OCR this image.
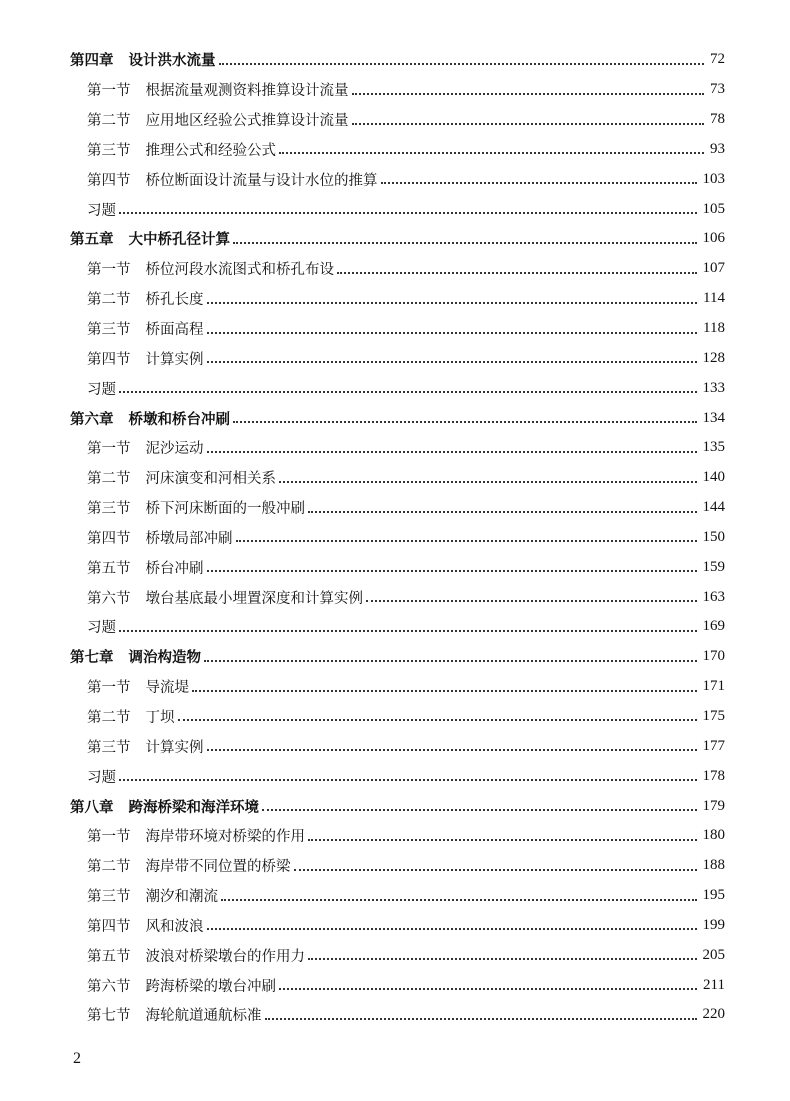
第四章 设计洪水流量	72
第一节 根据流量观测资料推算设计流量	73
第二节 应用地区经验公式推算设计流量	78
第三节 推理公式和经验公式	93
第四节 桥位断面设计流量与设计水位的推算	103
习题	105
第五章 大中桥孔径计算	106
第一节 桥位河段水流图式和桥孔布设	107
第二节 桥孔长度	114
第三节 桥面高程	118
第四节 计算实例	128
习题	133
第六章 桥墩和桥台冲刷	134
第一节 泥沙运动	135
第二节 河床演变和河相关系	140
第三节 桥下河床断面的一般冲刷	144
第四节 桥墩局部冲刷	150
第五节 桥台冲刷	159
第六节 墩台基底最小埋置深度和计算实例	163
习题	169
第七章 调治构造物	170
第一节 导流堤	171
第二节 丁坝	175
第三节 计算实例	177
习题	178
第八章 跨海桥梁和海洋环境	179
第一节 海岸带环境对桥梁的作用	180
第二节 海岸带不同位置的桥梁	188
第三节 潮汐和潮流	195
第四节 风和波浪	199
第五节 波浪对桥梁墩台的作用力	205
第六节 跨海桥梁的墩台冲刷	211
第七节 海轮航道通航标准	220
2
